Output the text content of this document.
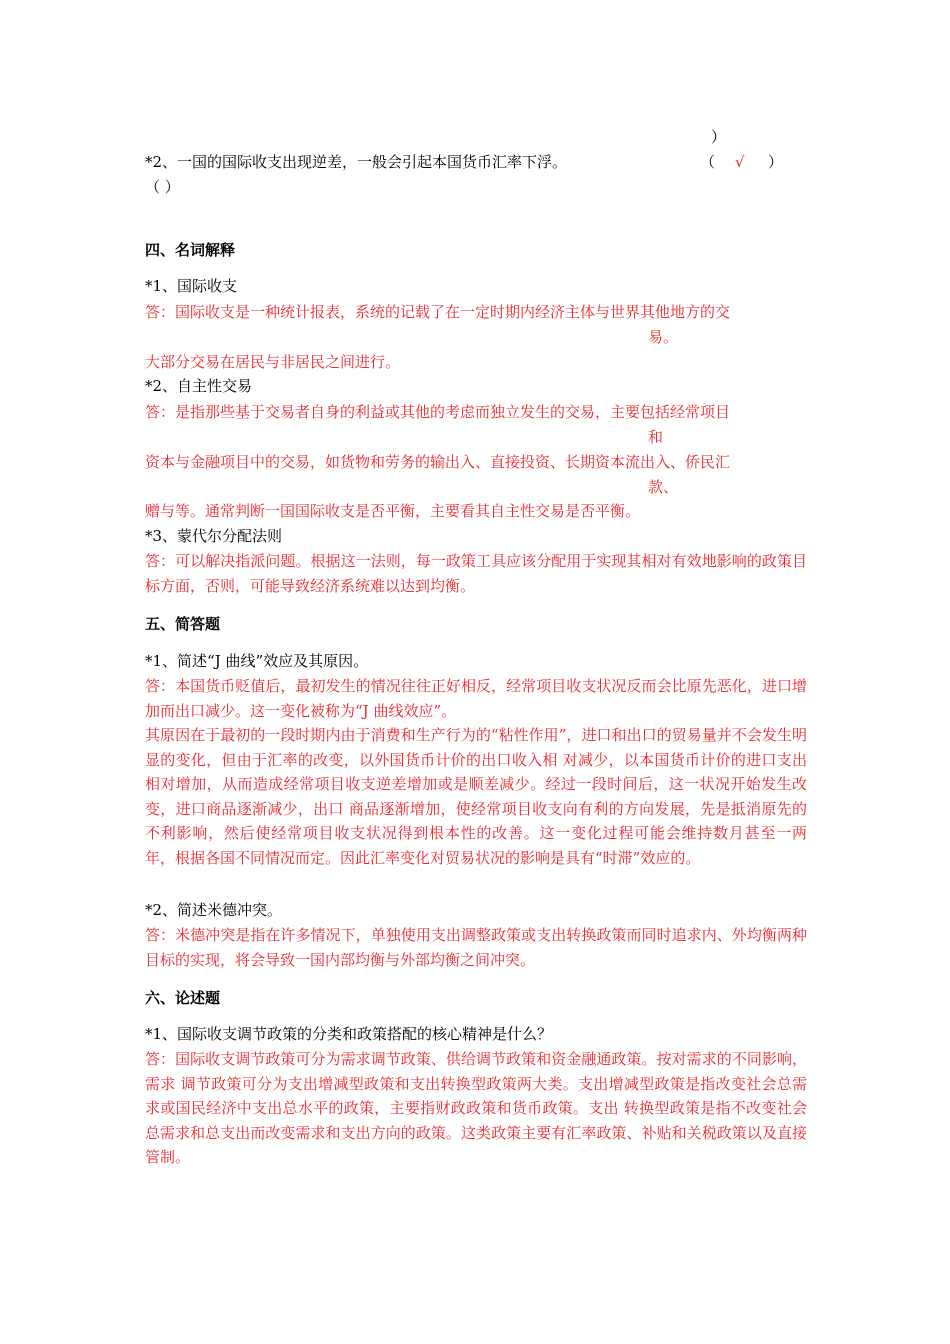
）
*2、一国的国际收支出现逆差，一般会引起本国货币汇率下浮。	（ √ ）
（ ）
四、名词解释
*1、国际收支
答：国际收支是一种统计报表，系统的记载了在一定时期内经济主体与世界其他地方的交
易。
大部分交易在居民与非居民之间进行。
*2、自主性交易
答：是指那些基于交易者自身的利益或其他的考虑而独立发生的交易，主要包括经常项目
和
资本与金融项目中的交易，如货物和劳务的输出入、直接投资、长期资本流出入、侨民汇
款、
赠与等。通常判断一国国际收支是否平衡，主要看其自主性交易是否平衡。
*3、蒙代尔分配法则
答：可以解决指派问题。根据这一法则，每一政策工具应该分配用于实现其相对有效地影响的政策目标方面，否则，可能导致经济系统难以达到均衡。
五、简答题
*1、简述“J 曲线”效应及其原因。
答：本国货币贬值后，最初发生的情况往往正好相反，经常项目收支状况反而会比原先恶化，进口增加而出口减少。这一变化被称为“J 曲线效应”。
其原因在于最初的一段时期内由于消费和生产行为的“粘性作用”，进口和出口的贸易量并不会发生明显的变化，但由于汇率的改变，以外国货币计价的出口收入相 对减少，以本国货币计价的进口支出相对增加，从而造成经常项目收支逆差增加或是顺差减少。经过一段时间后，这一状况开始发生改变，进口商品逐渐减少，出口 商品逐渐增加，使经常项目收支向有利的方向发展，先是抵消原先的不利影响，然后使经常项目收支状况得到根本性的改善。这一变化过程可能会维持数月甚至一两 年，根据各国不同情况而定。因此汇率变化对贸易状况的影响是具有“时滞”效应的。
*2、简述米德冲突。
答：米德冲突是指在许多情况下，单独使用支出调整政策或支出转换政策而同时追求内、外均衡两种目标的实现，将会导致一国内部均衡与外部均衡之间冲突。
六、论述题
*1、国际收支调节政策的分类和政策搭配的核心精神是什么？
答：国际收支调节政策可分为需求调节政策、供给调节政策和资金融通政策。按对需求的不同影响，需求 调节政策可分为支出增减型政策和支出转换型政策两大类。支出增减型政策是指改变社会总需求或国民经济中支出总水平的政策，主要指财政政策和货币政策。支出 转换型政策是指不改变社会总需求和总支出而改变需求和支出方向的政策。这类政策主要有汇率政策、补贴和关税政策以及直接管制。
